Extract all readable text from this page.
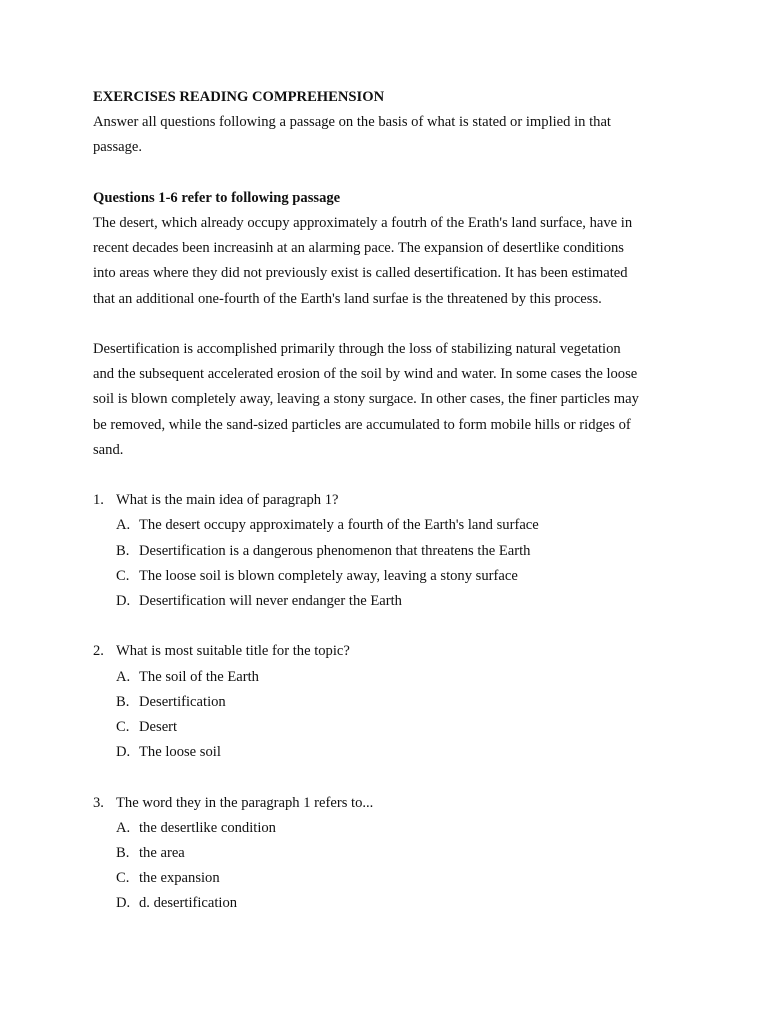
EXERCISES READING COMPREHENSION
Answer all questions following a passage on the basis of what is stated or implied in that
passage.
Questions 1-6 refer to following passage
The desert, which already occupy approximately a foutrh of the Erath's land surface, have in
recent decades been increasinh at an alarming pace. The expansion of desertlike conditions
into areas where they did not previously exist is called desertification. It has been estimated
that an additional one-fourth of the Earth's land surfae is the threatened by this process.
Desertification is accomplished primarily through the loss of stabilizing natural vegetation
and the subsequent accelerated erosion of the soil by wind and water. In some cases the loose
soil is blown completely away, leaving a stony surgace. In other cases, the finer particles may
be removed, while the sand-sized particles are accumulated to form mobile hills or ridges of
sand.
1. What is the main idea of paragraph 1?
A. The desert occupy approximately a fourth of the Earth's land surface
B. Desertification is a dangerous phenomenon that threatens the Earth
C. The loose soil is blown completely away, leaving a stony surface
D. Desertification will never endanger the Earth
2. What is most suitable title for the topic?
A. The soil of the Earth
B. Desertification
C. Desert
D. The loose soil
3. The word they in the paragraph 1 refers to...
A. the desertlike condition
B. the area
C. the expansion
D. d. desertification
